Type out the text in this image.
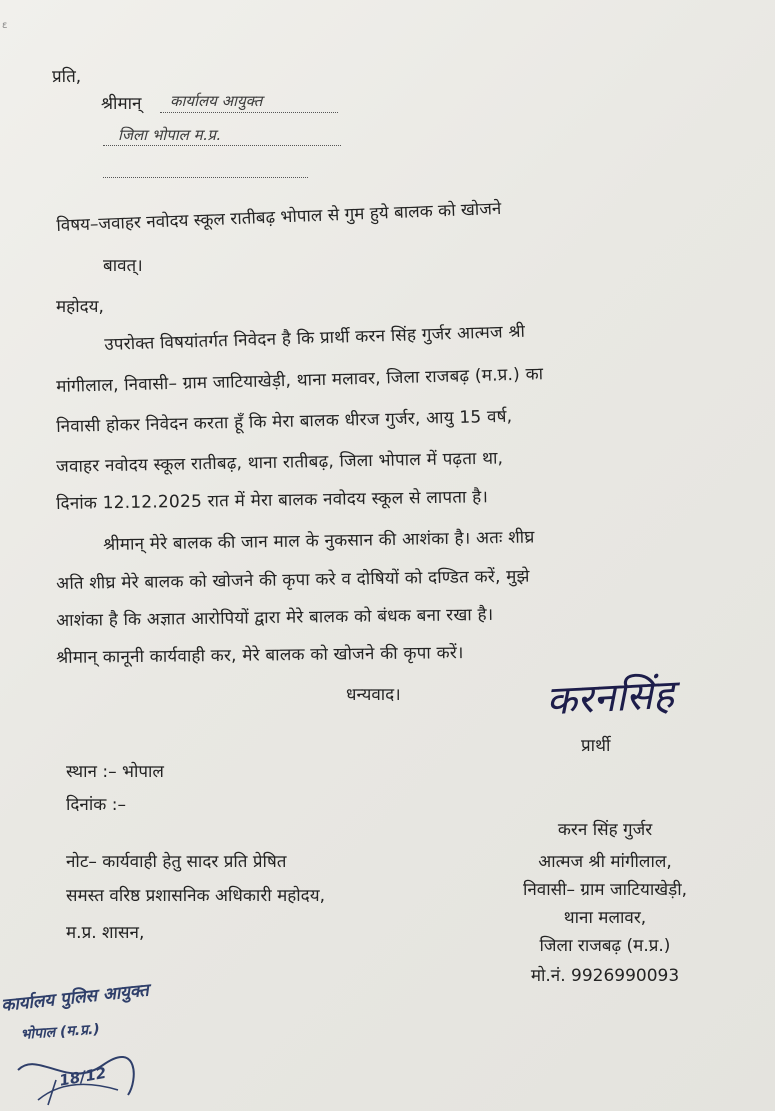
प्रति,
श्रीमान् कार्यालय आयुक्त
जिला भोपाल म.प्र.
विषय–जवाहर नवोदय स्कूल रातीबढ़ भोपाल से गुम हुये बालक को खोजने
बावत्।
महोदय,
उपरोक्त विषयांतर्गत निवेदन है कि प्रार्थी करन सिंह गुर्जर आत्मज श्री
मांगीलाल, निवासी– ग्राम जाटियाखेड़ी, थाना मलावर, जिला राजबढ़ (म.प्र.) का
निवासी होकर निवेदन करता हूँ कि मेरा बालक धीरज गुर्जर, आयु 15 वर्ष,
जवाहर नवोदय स्कूल रातीबढ़, थाना रातीबढ़, जिला भोपाल में पढ़ता था,
दिनांक 12.12.2025 रात में मेरा बालक नवोदय स्कूल से लापता है।
श्रीमान् मेरे बालक की जान माल के नुकसान की आशंका है। अतः शीघ्र
अति शीघ्र मेरे बालक को खोजने की कृपा करे व दोषियों को दण्डित करें, मुझे
आशंका है कि अज्ञात आरोपियों द्वारा मेरे बालक को बंधक बना रखा है।
श्रीमान् कानूनी कार्यवाही कर, मेरे बालक को खोजने की कृपा करें।
धन्यवाद।	करनसिंह
प्रार्थी
स्थान :– भोपाल
दिनांक :–
नोट– कार्यवाही हेतु सादर प्रति प्रेषित
समस्त वरिष्ठ प्रशासनिक अधिकारी महोदय,
म.प्र. शासन,
करन सिंह गुर्जर
आत्मज श्री मांगीलाल,
निवासी– ग्राम जाटियाखेड़ी,
थाना मलावर,
जिला राजबढ़ (म.प्र.)
मो.नं. 9926990093
कार्यालय पुलिस आयुक्त
भोपाल (म.प्र.)
18/12
ɛ
